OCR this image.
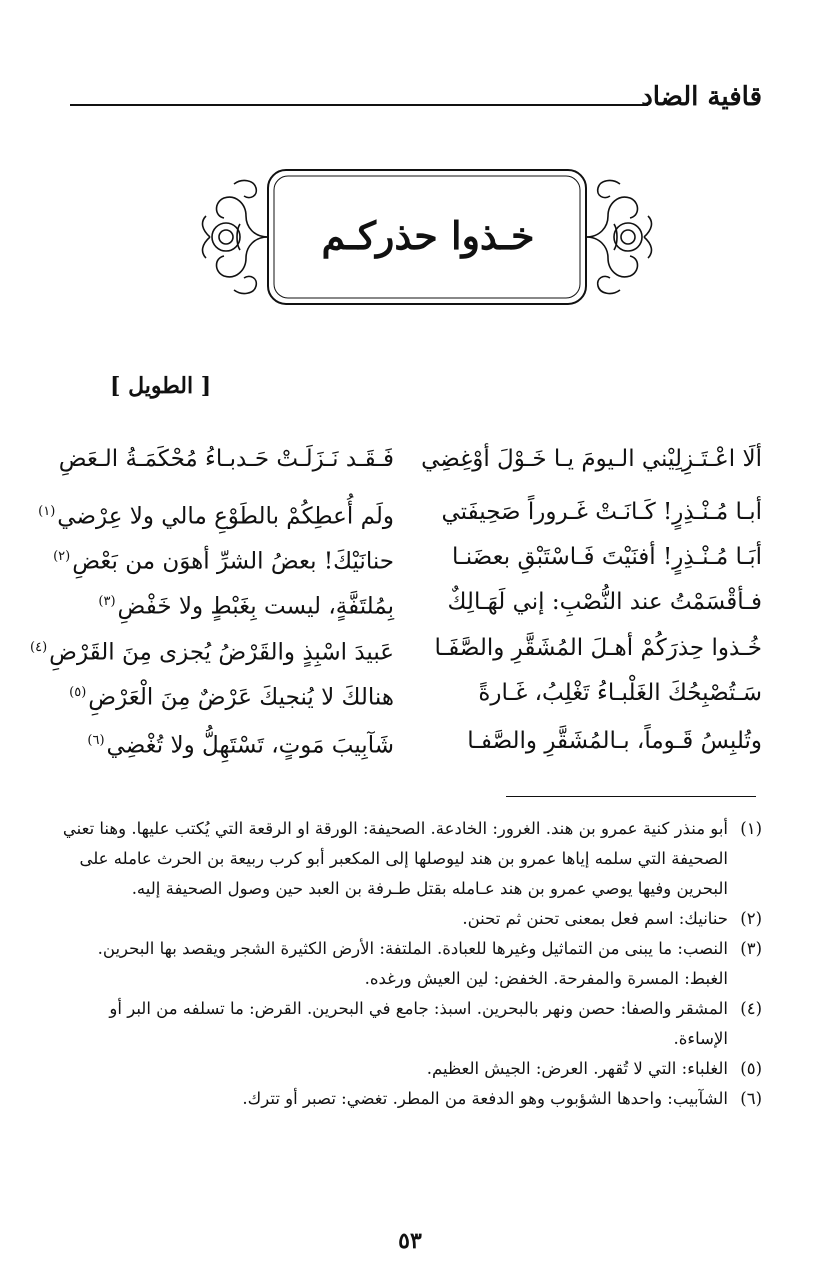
قافية الضاد
خـذوا حذركـم
[ الطويل ]
ألَا اعْـتَـزِلِيْني الـيومَ يـا خَـوْلَ أوْغِضِي
فَـقَـد نَـزَلَـتْ حَـدبـاءُ مُحْكَمَـةُ الـعَضِ
أبـا مُـنْـذِرٍ! كَـانَـتْ غَـروراً صَحِيفَتي
ولَم أُعطِكُمْ بالطَوْعِ مالي ولا عِرْضي$^{(١)}$
أبَـا مُـنْـذِرٍ! أفنَيْتَ فَـاسْتَبْقِ بعضَنـا
حنانَيْكَ! بعضُ الشرِّ أهوَن من بَعْضِ$^{(٢)}$
فـأقْسَمْتُ عند النُّصْبِ: إني لَهَـالِكٌ
بِمُلتَفَّةٍ، ليست بِغَبْطٍ ولا خَفْضِ$^{(٣)}$
خُـذوا حِذرَكُمْ أهـلَ المُشَقَّرِ والصَّفَـا
عَبيدَ اسْبِذٍ والقَرْضُ يُجزى مِنَ القَرْضِ$^{(٤)}$
سَـتُصْبِحُكَ الغَلْبـاءُ تَغْلِبُ، غَـارةً
هنالكَ لا يُنجيكَ عَرْضٌ مِنَ الْعَرْضِ$^{(٥)}$
وتُلبِسُ قَـوماً، بـالمُشَقَّرِ والصَّفـا
شَآبِيبَ مَوتٍ، تَسْتَهِلُّ ولا تُغْضِي$^{(٦)}$

(١)
أبو منذر كنية عمرو بن هند. الغرور: الخادعة. الصحيفة: الورقة او الرقعة التي يُكتب عليها. وهنا تعني الصحيفة التي سلمه إياها عمرو بن هند ليوصلها إلى المكعبر أبو كرب ربيعة بن الحرث عامله على البحرين وفيها يوصي عمرو بن هند عـامله بقتل طـرفة بن العبد حين وصول الصحيفة إليه.

(٢)
حنانيك: اسم فعل بمعنى تحنن ثم تحنن.

(٣)
النصب: ما يبنى من التماثيل وغيرها للعبادة. الملتفة: الأرض الكثيرة الشجر ويقصد بها البحرين. الغبط: المسرة والمفرحة. الخفض: لين العيش ورغده.

(٤)
المشقر والصفا: حصن ونهر بالبحرين. اسبذ: جامع في البحرين. القرض: ما تسلفه من البر أو الإساءة.

(٥)
الغلباء: التي لا تُقهر. العرض: الجيش العظيم.

(٦)
الشآبيب: واحدها الشؤبوب وهو الدفعة من المطر. تغضي: تصبر أو تترك.

٥٣
